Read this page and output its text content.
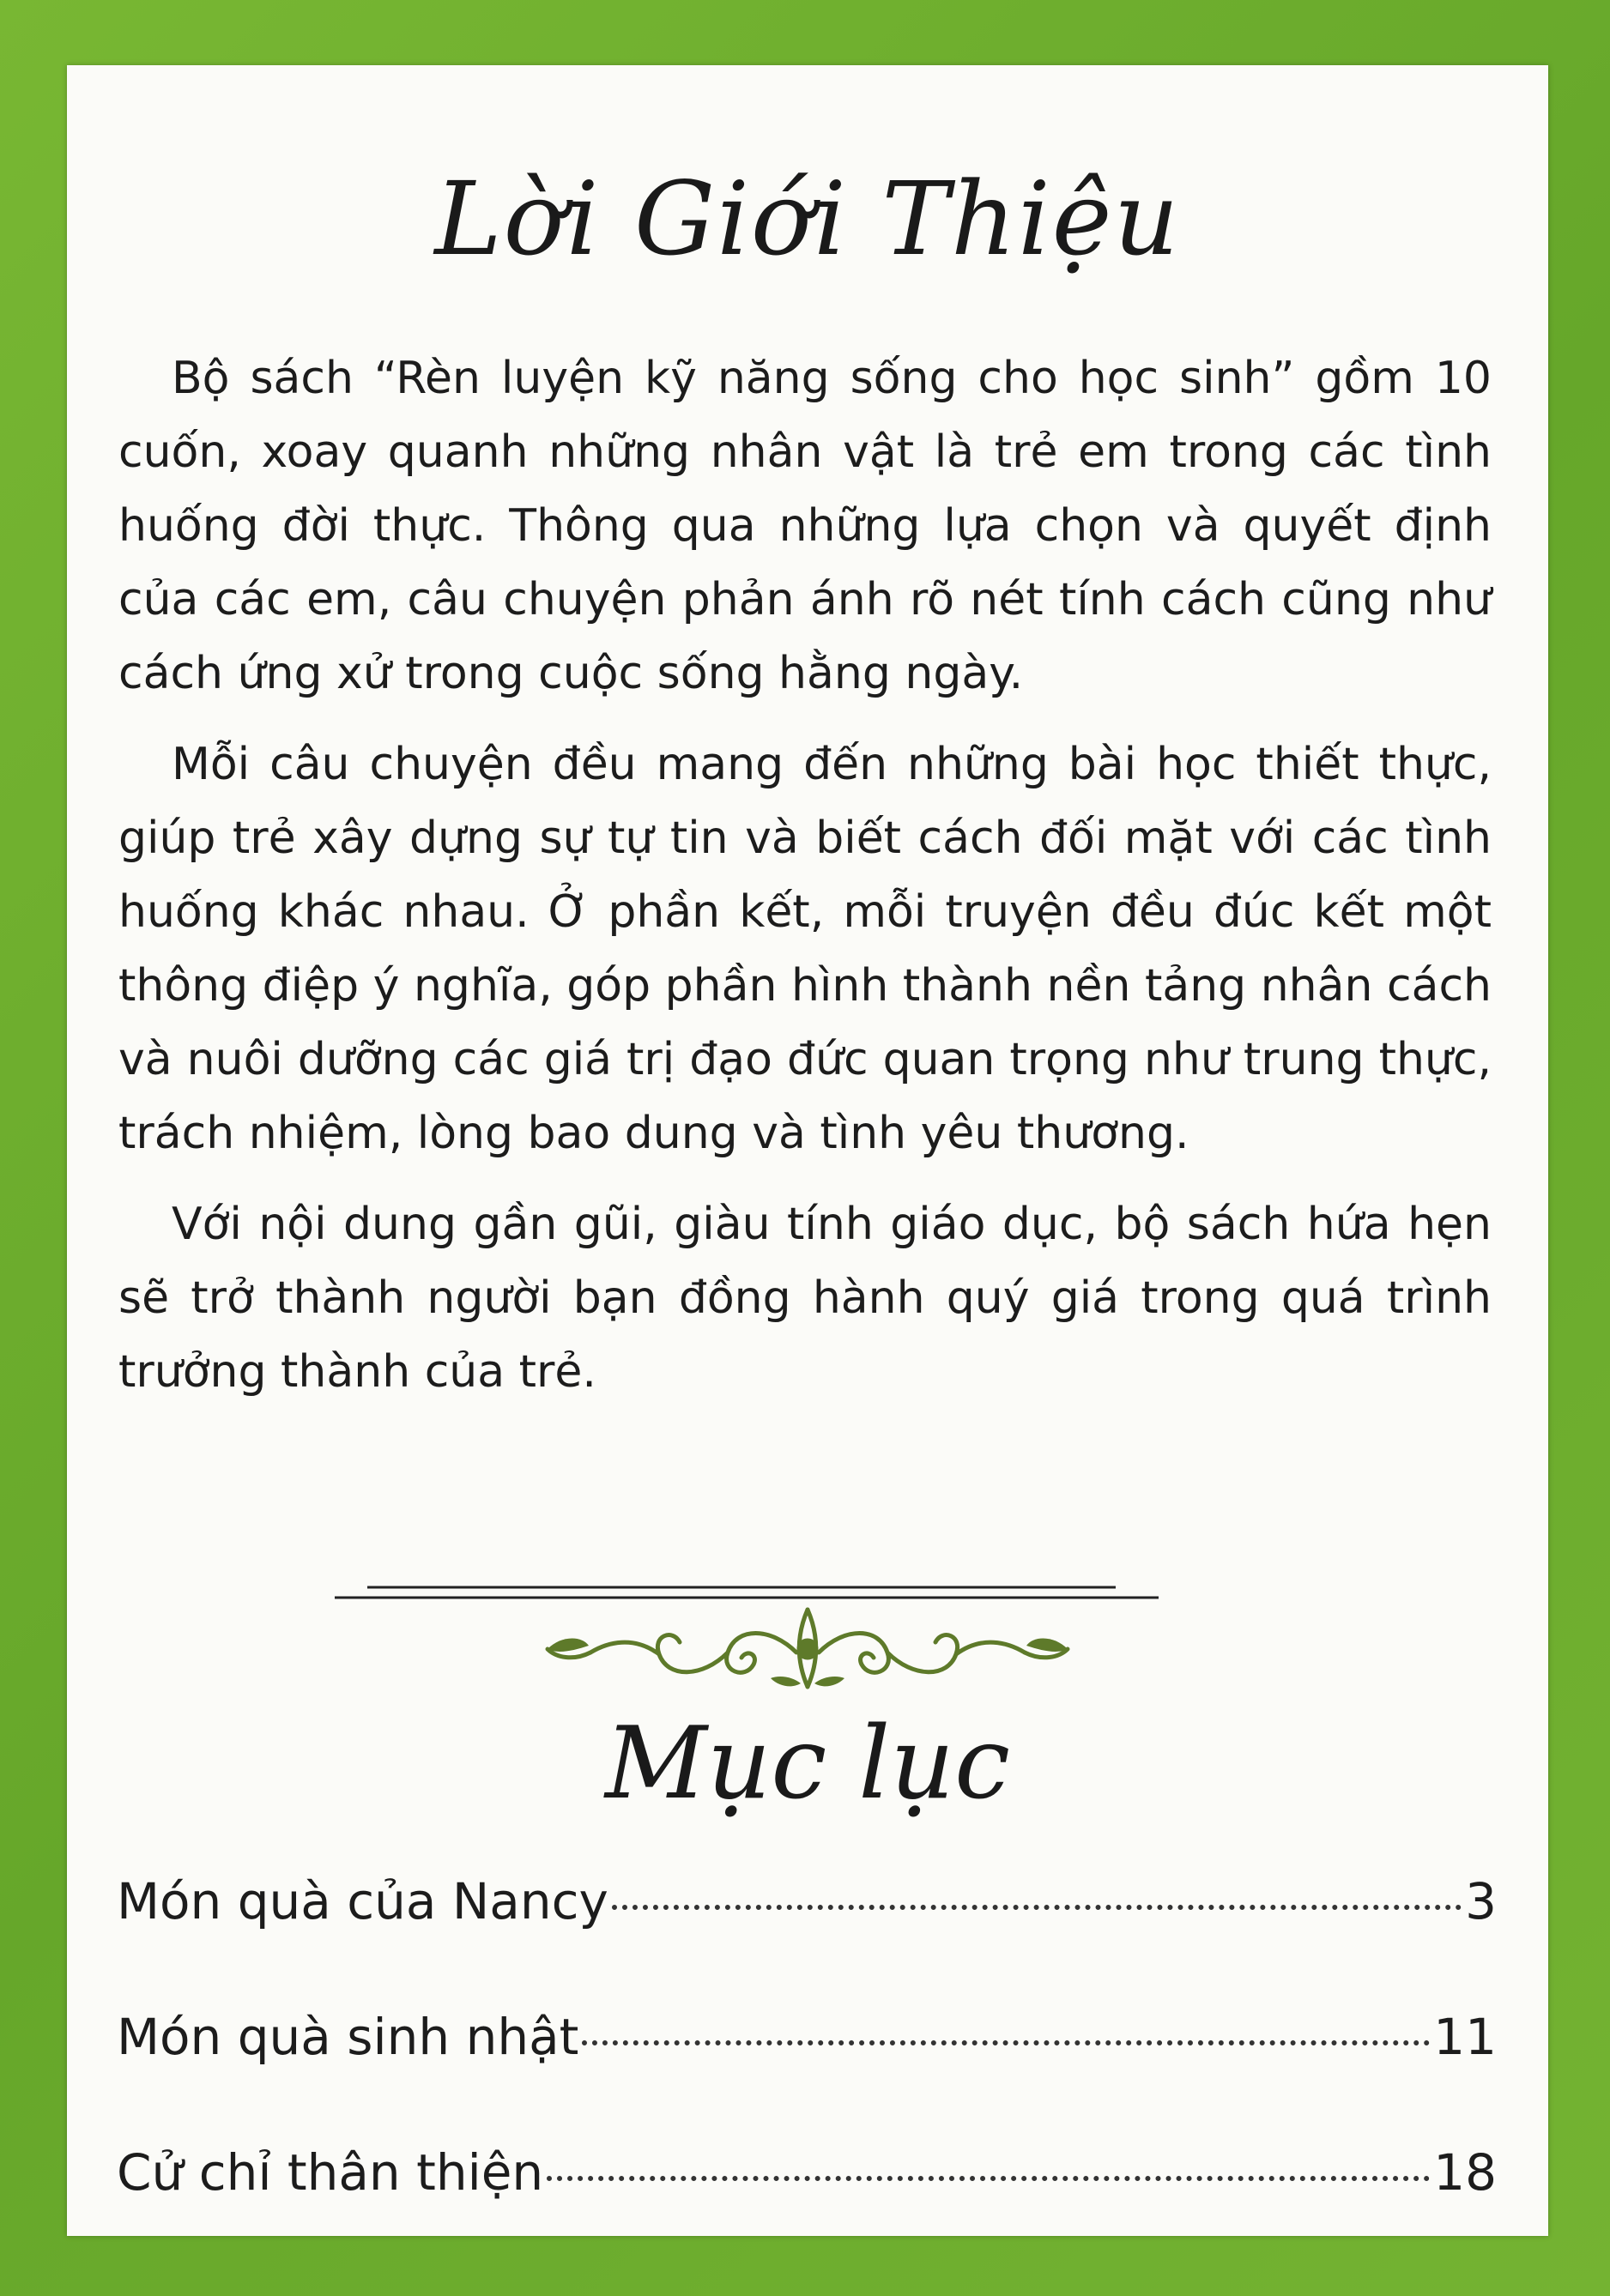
Lời Giới Thiệu

Bộ sách “Rèn luyện kỹ năng sống cho học sinh” gồm 10 cuốn, xoay quanh những nhân vật là trẻ em trong các tình huống đời thực. Thông qua những lựa chọn và quyết định của các em, câu chuyện phản ánh rõ nét tính cách cũng như cách ứng xử trong cuộc sống hằng ngày.

Mỗi câu chuyện đều mang đến những bài học thiết thực, giúp trẻ xây dựng sự tự tin và biết cách đối mặt với các tình huống khác nhau. Ở phần kết, mỗi truyện đều đúc kết một thông điệp ý nghĩa, góp phần hình thành nền tảng nhân cách và nuôi dưỡng các giá trị đạo đức quan trọng như trung thực, trách nhiệm, lòng bao dung và tình yêu thương.

Với nội dung gần gũi, giàu tính giáo dục, bộ sách hứa hẹn sẽ trở thành người bạn đồng hành quý giá trong quá trình trưởng thành của trẻ.

Mục lục
Món quà của Nancy	3
Món quà sinh nhật	11
Cử chỉ thân thiện	18
